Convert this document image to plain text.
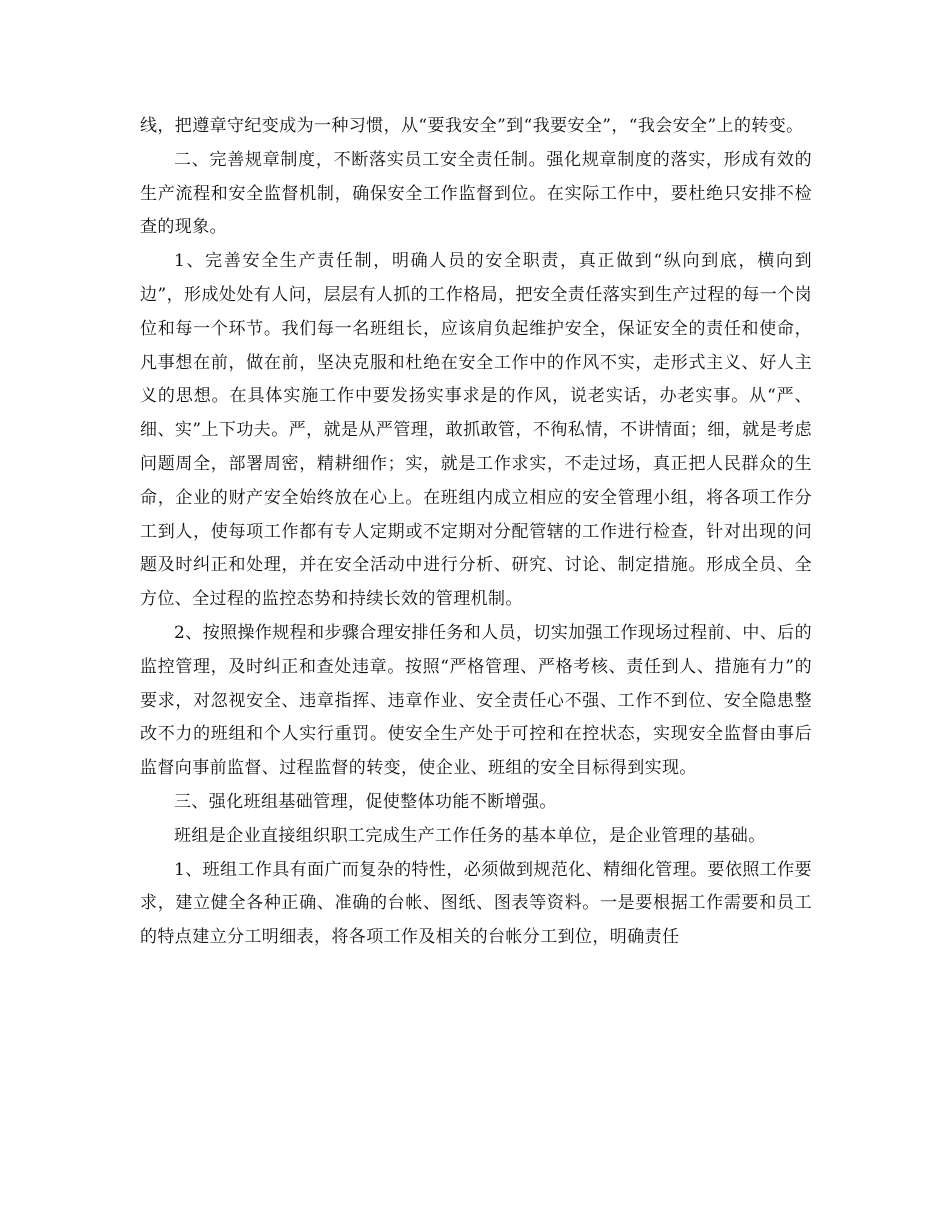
线，把遵章守纪变成为一种习惯，从“要我安全”到“我要安全”，“我会安全”上的转变。

二、完善规章制度，不断落实员工安全责任制。强化规章制度的落实，形成有效的生产流程和安全监督机制，确保安全工作监督到位。在实际工作中，要杜绝只安排不检查的现象。

1、完善安全生产责任制，明确人员的安全职责，真正做到“纵向到底，横向到边”，形成处处有人问，层层有人抓的工作格局，把安全责任落实到生产过程的每一个岗位和每一个环节。我们每一名班组长，应该肩负起维护安全，保证安全的责任和使命，凡事想在前，做在前，坚决克服和杜绝在安全工作中的作风不实，走形式主义、好人主义的思想。在具体实施工作中要发扬实事求是的作风，说老实话，办老实事。从“严、细、实”上下功夫。严，就是从严管理，敢抓敢管，不徇私情，不讲情面；细，就是考虑问题周全，部署周密，精耕细作；实，就是工作求实，不走过场，真正把人民群众的生命，企业的财产安全始终放在心上。在班组内成立相应的安全管理小组，将各项工作分工到人，使每项工作都有专人定期或不定期对分配管辖的工作进行检查，针对出现的问题及时纠正和处理，并在安全活动中进行分析、研究、讨论、制定措施。形成全员、全方位、全过程的监控态势和持续长效的管理机制。

2、按照操作规程和步骤合理安排任务和人员，切实加强工作现场过程前、中、后的监控管理，及时纠正和查处违章。按照“严格管理、严格考核、责任到人、措施有力”的要求，对忽视安全、违章指挥、违章作业、安全责任心不强、工作不到位、安全隐患整改不力的班组和个人实行重罚。使安全生产处于可控和在控状态，实现安全监督由事后监督向事前监督、过程监督的转变，使企业、班组的安全目标得到实现。

三、强化班组基础管理，促使整体功能不断增强。

班组是企业直接组织职工完成生产工作任务的基本单位，是企业管理的基础。

1、班组工作具有面广而复杂的特性，必须做到规范化、精细化管理。要依照工作要求，建立健全各种正确、准确的台帐、图纸、图表等资料。一是要根据工作需要和员工的特点建立分工明细表，将各项工作及相关的台帐分工到位，明确责任
